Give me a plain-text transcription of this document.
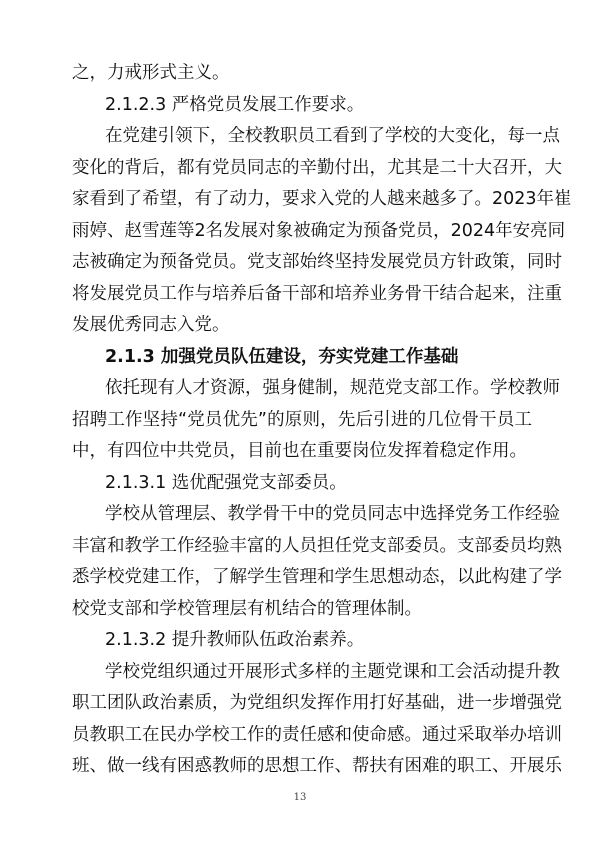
之，力戒形式主义。
2.1.2.3 严格党员发展工作要求。
在党建引领下，全校教职员工看到了学校的大变化，每一点
变化的背后，都有党员同志的辛勤付出，尤其是二十大召开，大
家看到了希望，有了动力，要求入党的人越来越多了。2023年崔
雨婷、赵雪莲等2名发展对象被确定为预备党员，2024年安亮同
志被确定为预备党员。党支部始终坚持发展党员方针政策，同时
将发展党员工作与培养后备干部和培养业务骨干结合起来，注重
发展优秀同志入党。
2.1.3 加强党员队伍建设，夯实党建工作基础
依托现有人才资源，强身健制，规范党支部工作。学校教师
招聘工作坚持“党员优先”的原则，先后引进的几位骨干员工
中，有四位中共党员，目前也在重要岗位发挥着稳定作用。
2.1.3.1 选优配强党支部委员。
学校从管理层、教学骨干中的党员同志中选择党务工作经验
丰富和教学工作经验丰富的人员担任党支部委员。支部委员均熟
悉学校党建工作，了解学生管理和学生思想动态，以此构建了学
校党支部和学校管理层有机结合的管理体制。
2.1.3.2 提升教师队伍政治素养。
学校党组织通过开展形式多样的主题党课和工会活动提升教
职工团队政治素质，为党组织发挥作用打好基础，进一步增强党
员教职工在民办学校工作的责任感和使命感。通过采取举办培训
班、做一线有困惑教师的思想工作、帮扶有困难的职工、开展乐
13
